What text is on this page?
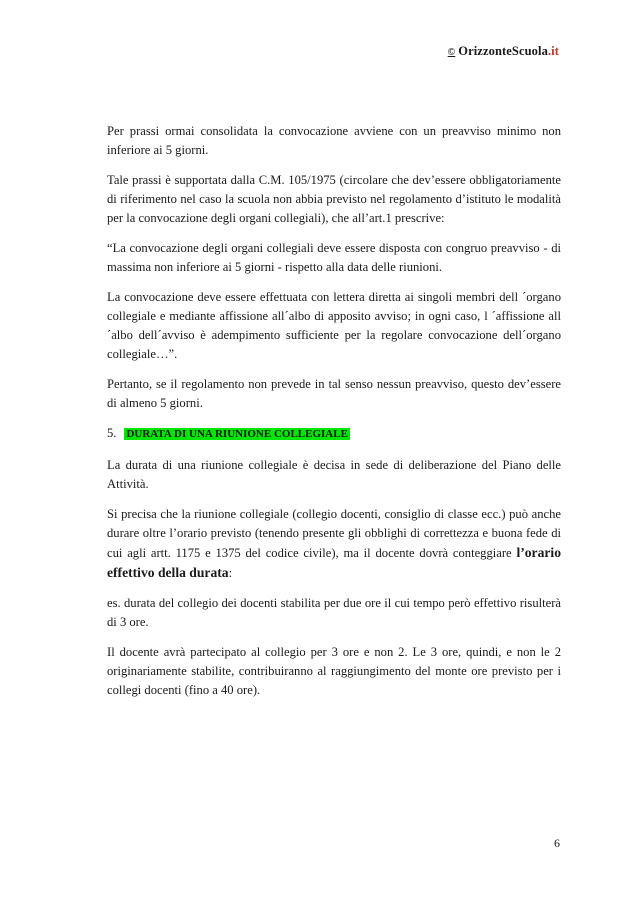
© OrizzonteScuola.it

Per prassi ormai consolidata la convocazione avviene con un preavviso minimo non inferiore ai 5 giorni.

Tale prassi è supportata dalla C.M. 105/1975 (circolare che dev’essere obbligatoriamente di riferimento nel caso la scuola non abbia previsto nel regolamento d’istituto le modalità per la convocazione degli organi collegiali), che all’art.1 prescrive:

“La convocazione degli organi collegiali deve essere disposta con congruo preavviso - di massima non inferiore ai 5 giorni - rispetto alla data delle riunioni.

La convocazione deve essere effettuata con lettera diretta ai singoli membri dell ´organo collegiale e mediante affissione all´albo di apposito avviso; in ogni caso, l ´affissione all´albo dell´avviso è adempimento sufficiente per la regolare convocazione dell´organo collegiale…”.

Pertanto, se il regolamento non prevede in tal senso nessun preavviso, questo dev’essere di almeno 5 giorni.

5. DURATA DI UNA RIUNIONE COLLEGIALE

La durata di una riunione collegiale è decisa in sede di deliberazione del Piano delle Attività.

Si precisa che la riunione collegiale (collegio docenti, consiglio di classe ecc.) può anche durare oltre l’orario previsto (tenendo presente gli obblighi di correttezza e buona fede di cui agli artt. 1175 e 1375 del codice civile), ma il docente dovrà conteggiare l’orario effettivo della durata:

es. durata del collegio dei docenti stabilita per due ore il cui tempo però effettivo risulterà di 3 ore.

Il docente avrà partecipato al collegio per 3 ore e non 2. Le 3 ore, quindi, e non le 2 originariamente stabilite, contribuiranno al raggiungimento del monte ore previsto per i collegi docenti (fino a 40 ore).

6
